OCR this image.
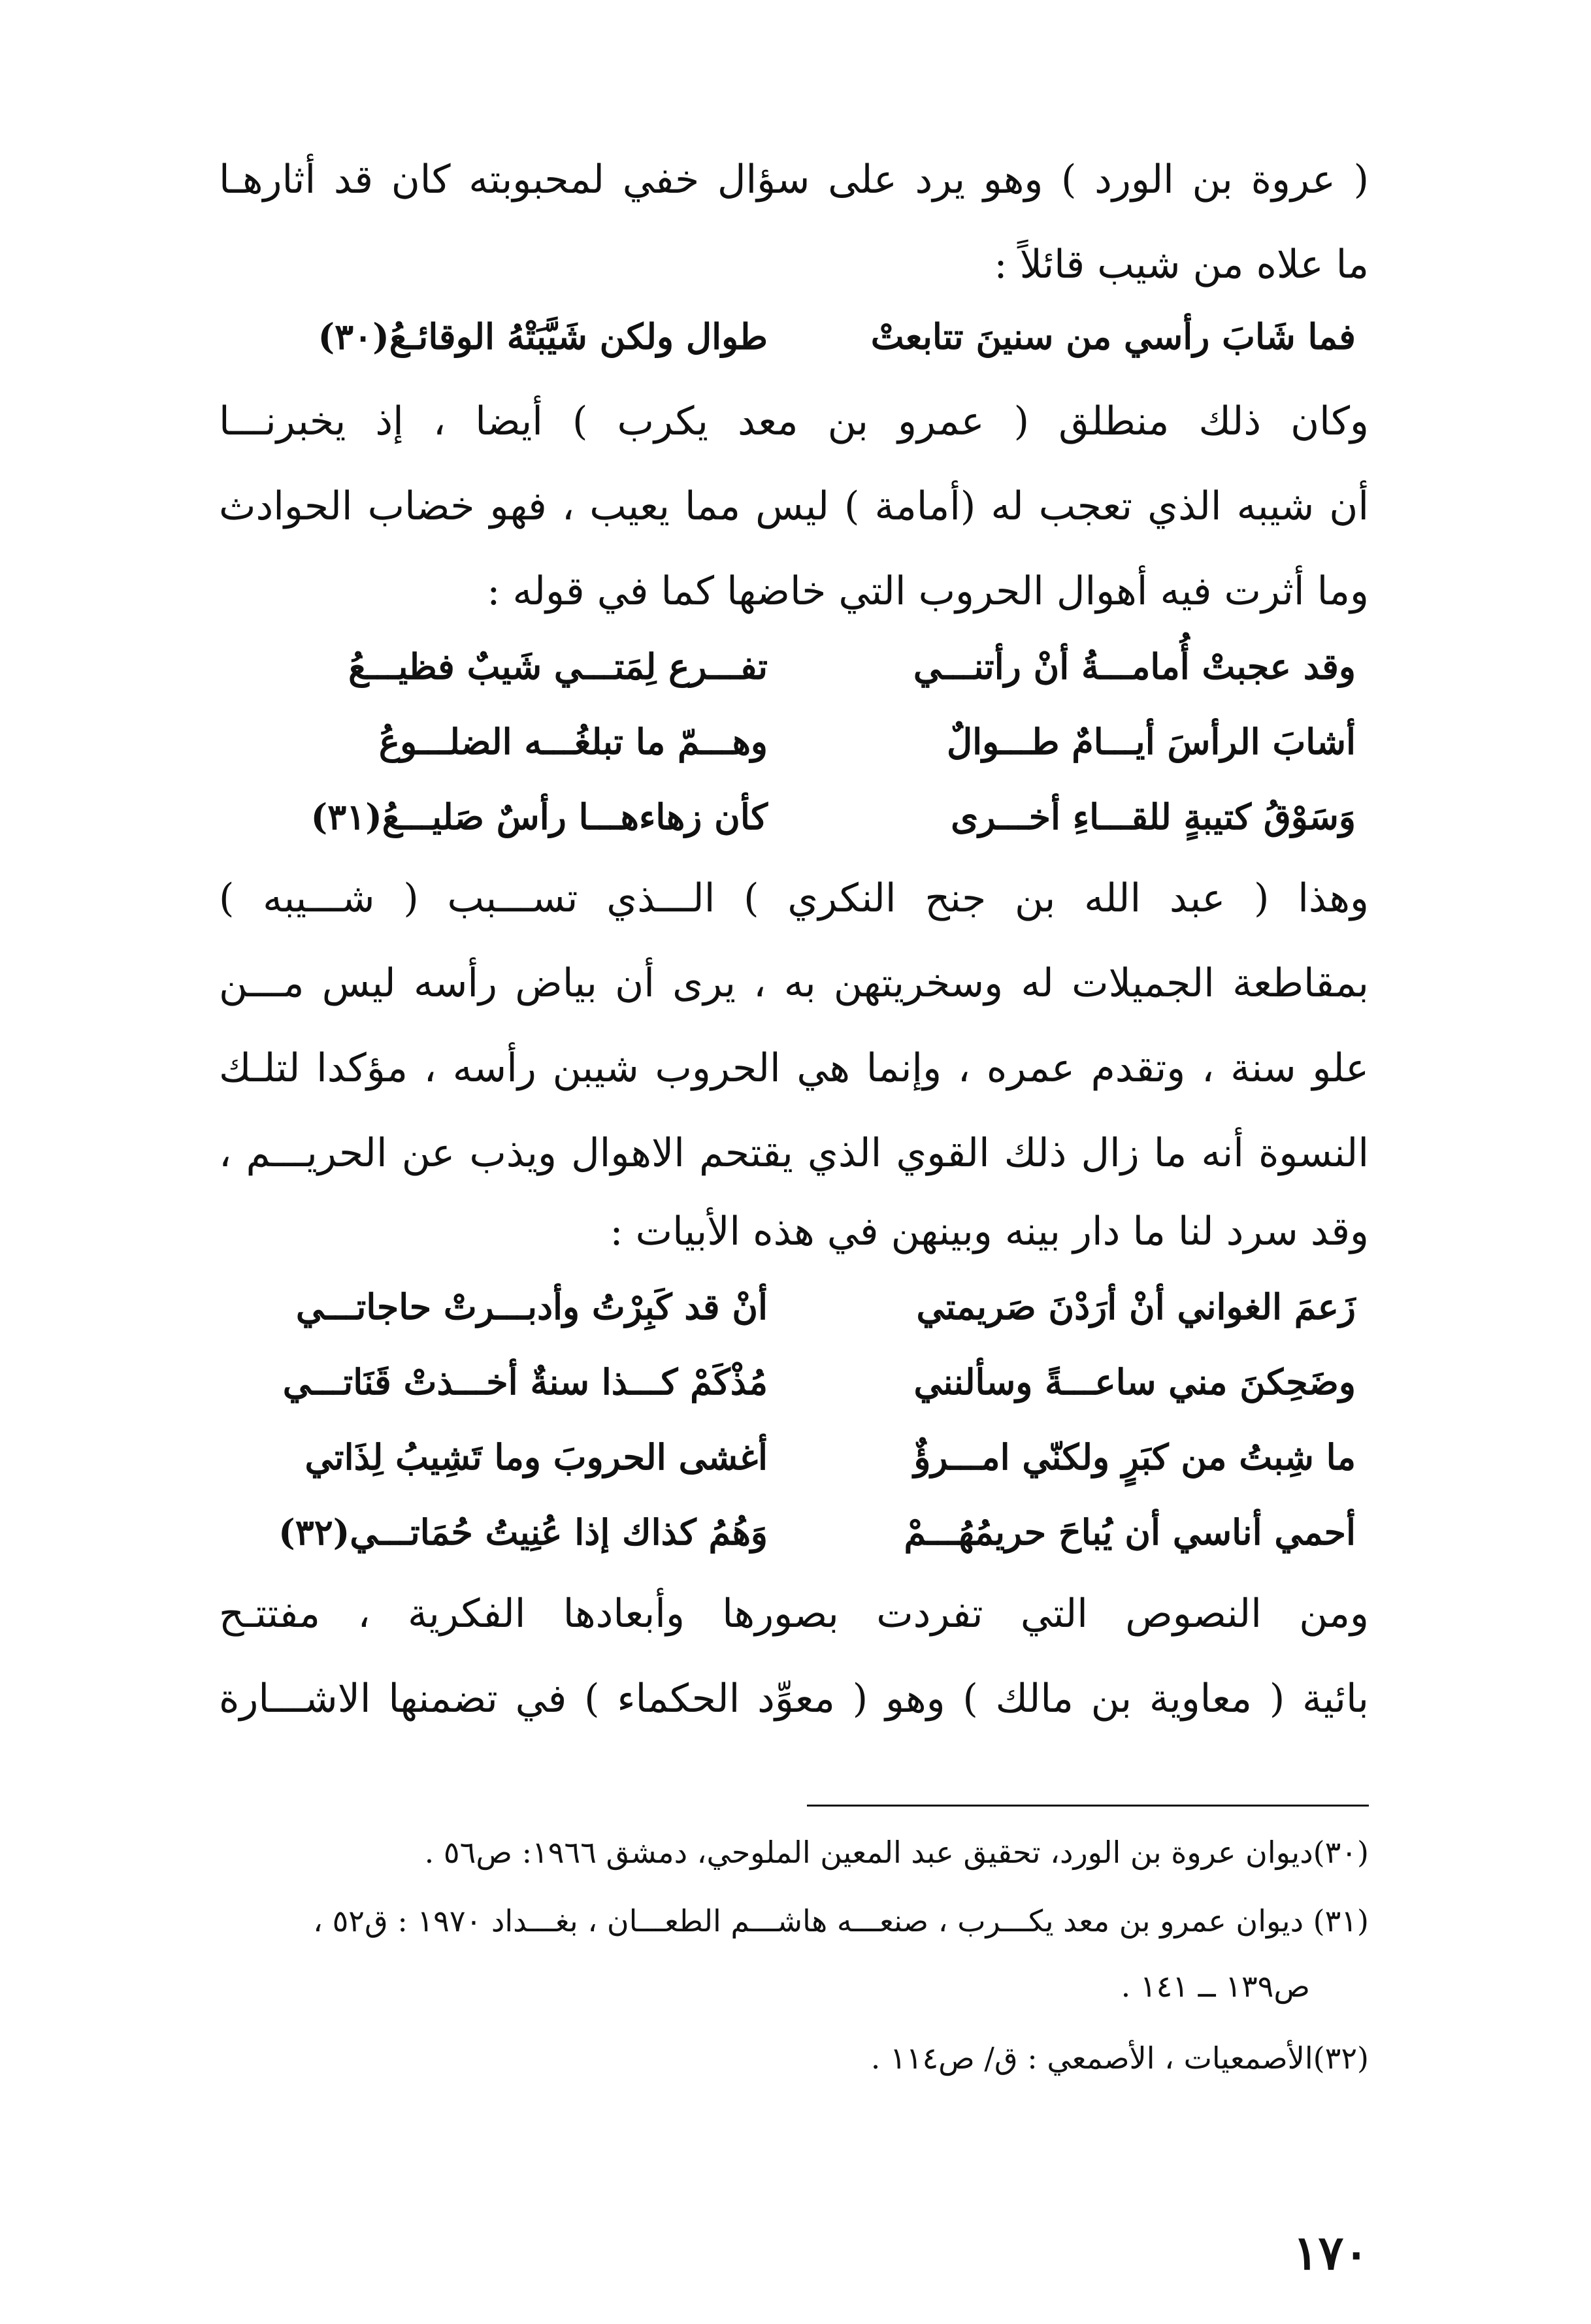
( عروة بن الورد ) وهو يرد على سؤال خفي لمحبوبته كان قد أثارهـا
ما علاه من شيب قائلاً :
فما شَابَ رأسي من سنينَ تتابعتْ
طوال ولكن شَيَّبَتْهُ الوقائـعُ(٣٠)
وكان ذلك منطلق ( عمرو بن معد يكرب ) أيضا ، إذ يخبرنـــا
أن شيبه الذي تعجب له (أمامة ) ليس مما يعيب ، فهو خضاب الحوادث
وما أثرت فيه أهوال الحروب التي خاضها كما في قوله :
وقد عجبتْ أُمامـــةُ أنْ رأتنـــي
تفـــرع لِمَتـــي شَيبٌ فظيـــعُ
أشابَ الرأسَ أيـــامٌ طـــوالٌ
وهـــمّ ما تبلغُـــه الضلـــوعُ
وَسَوْقُ كتيبةٍ للقـــاءِ أخـــرى
كأن زهاءهـــا رأسٌ صَليـــعُ(٣١)
وهذا ( عبد الله بن جنح النكري ) الـــذي تســـبب ( شـــيبه )
بمقاطعة الجميلات له وسخريتهن به ، يرى أن بياض رأسه ليس مـــن
علو سنة ، وتقدم عمره ، وإنما هي الحروب شيبن رأسه ، مؤكدا لتلـك
النسوة أنه ما زال ذلك القوي الذي يقتحم الاهوال ويذب عن الحريـــم ،
وقد سرد لنا ما دار بينه وبينهن في هذه الأبيات :
زَعمَ الغواني أنْ أرَدْنَ صَريمتي
أنْ قد كَبِرْتُ وأدبـــرتْ حاجاتـــي
وضَحِكنَ مني ساعـــةً وسألنني
مُذْكَمْ كـــذا سنةٌ أخـــذتْ قَنَاتـــي
ما شِبتُ من كبَرٍ ولكنّي امـــرؤٌ
أغشى الحروبَ وما تَشِيبُ لِذَاتي
أحمي أناسي أن يُباحَ حريمُهُـــمْ
وَهُمُ كذاك إذا عُنِيتُ حُمَاتـــي(٣٢)
ومن النصوص التي تفردت بصورها وأبعادها الفكرية ، مفتتـح
بائية ( معاوية بن مالك ) وهو ( معوِّد الحكماء ) في تضمنها الاشـــارة
(٣٠)ديوان عروة بن الورد، تحقيق عبد المعين الملوحي، دمشق ١٩٦٦: ص٥٦ .
(٣١) ديوان عمرو بن معد يكـــرب ، صنعـــه هاشـــم الطعـــان ، بغـــداد ١٩٧٠ : ق٥٢ ،
ص١٣٩ ــ ١٤١ .
(٣٢)الأصمعيات ، الأصمعي : ق/ ص١١٤ .
١٧٠
